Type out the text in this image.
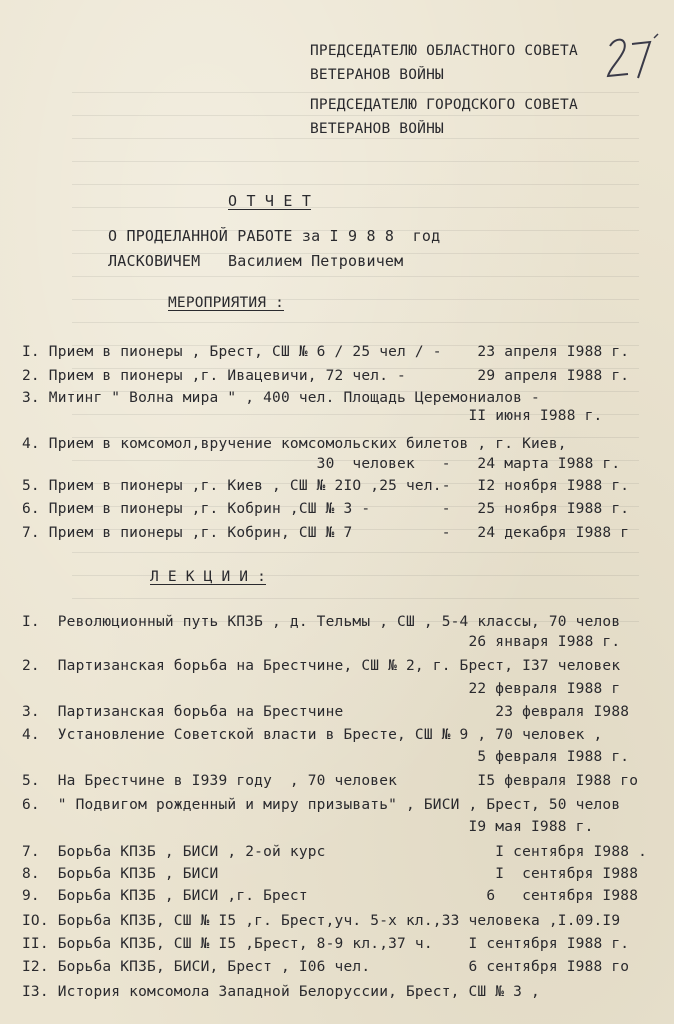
ПРЕДСЕДАТЕЛЮ ОБЛАСТНОГО СОВЕТА
ВЕТЕРАНОВ ВОЙНЫ
ПРЕДСЕДАТЕЛЮ ГОРОДСКОГО СОВЕТА
ВЕТЕРАНОВ ВОЙНЫ
О Т Ч Е Т
О ПРОДЕЛАННОЙ РАБОТЕ за I 9 8 8  год
ЛАСКОВИЧЕМ   Василием Петровичем
МЕРОПРИЯТИЯ :
I. Прием в пионеры , Брест, СШ № 6 / 25 чел / -    23 апреля I988 г.
2. Прием в пионеры ,г. Ивацевичи, 72 чел. -        29 апреля I988 г.
3. Митинг " Волна мира " , 400 чел. Площадь Церемониалов -
II июня I988 г.
4. Прием в комсомол,вручение комсомольских билетов , г. Киев,
30  человек   -   24 марта I988 г.
5. Прием в пионеры ,г. Киев , СШ № 2IO ,25 чел.-   I2 ноября I988 г.
6. Прием в пионеры ,г. Кобрин ,СШ № 3 -        -   25 ноября I988 г.
7. Прием в пионеры ,г. Кобрин, СШ № 7          -   24 декабря I988 г
Л Е К Ц И И :
I.  Революционный путь КПЗБ , д. Тельмы , СШ , 5-4 классы, 70 челов
26 января I988 г.
2.  Партизанская борьба на Брестчине, СШ № 2, г. Брест, I37 человек
22 февраля I988 г
3.  Партизанская борьба на Брестчине                 23 февраля I988
4.  Установление Советской власти в Бресте, СШ № 9 , 70 человек ,
5 февраля I988 г.
5.  На Брестчине в I939 году  , 70 человек         I5 февраля I988 го
6.  " Подвигом рожденный и миру призывать" , БИСИ , Брест, 50 челов
I9 мая I988 г.
7.  Борьба КПЗБ , БИСИ , 2-ой курс                   I сентября I988 .
8.  Борьба КПЗБ , БИСИ                               I  сентября I988
9.  Борьба КПЗБ , БИСИ ,г. Брест                    6   сентября I988
IO. Борьба КПЗБ, СШ № I5 ,г. Брест,уч. 5-х кл.,33 человека ,I.09.I9
II. Борьба КПЗБ, СШ № I5 ,Брест, 8-9 кл.,37 ч.    I сентября I988 г.
I2. Борьба КПЗБ, БИСИ, Брест , I06 чел.           6 сентября I988 го
I3. История комсомола Западной Белоруссии, Брест, СШ № 3 ,
